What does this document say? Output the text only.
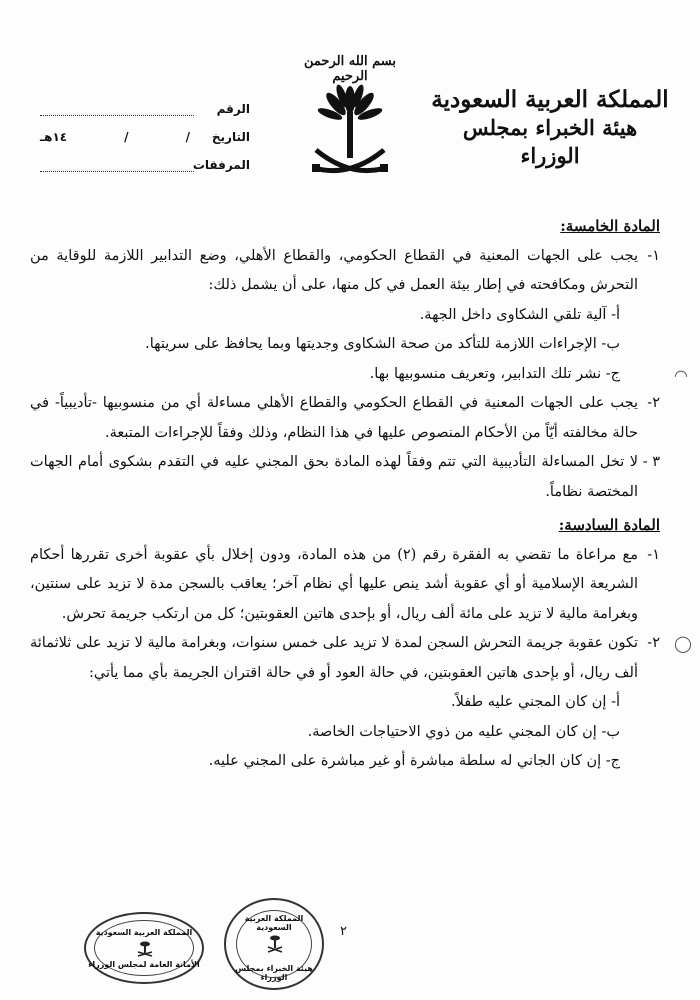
بسم الله الرحمن الرحيم
المملكة العربية السعودية
هيئة الخبراء بمجلس الوزراء
الرقم
التاريخ
/
/
١٤هـ
المرفقات
المادة الخامسة:
١-
يجب على الجهات المعنية في القطاع الحكومي، والقطاع الأهلي، وضع التدابير اللازمة للوقاية من التحرش ومكافحته في إطار بيئة العمل في كل منها، على أن يشمل ذلك:
أ- آلية تلقي الشكاوى داخل الجهة.
ب- الإجراءات اللازمة للتأكد من صحة الشكاوى وجديتها وبما يحافظ على سريتها.
ج- نشر تلك التدابير، وتعريف منسوبيها بها.
٢-
يجب على الجهات المعنية في القطاع الحكومي والقطاع الأهلي مساءلة أي من منسوبيها -تأديبياً- في حالة مخالفته أيّاً من الأحكام المنصوص عليها في هذا النظام، وذلك وفقاً للإجراءات المتبعة.
٣ -
لا تخل المساءلة التأديبية التي تتم وفقاً لهذه المادة بحق المجني عليه في التقدم بشكوى أمام الجهات المختصة نظاماً.
المادة السادسة:
١-
مع مراعاة ما تقضي به الفقرة رقم (٢) من هذه المادة، ودون إخلال بأي عقوبة أخرى تقررها أحكام الشريعة الإسلامية أو أي عقوبة أشد ينص عليها أي نظام آخر؛ يعاقب بالسجن مدة لا تزيد على سنتين، وبغرامة مالية لا تزيد على مائة ألف ريال، أو بإحدى هاتين العقوبتين؛ كل من ارتكب جريمة تحرش.
٢-
تكون عقوبة جريمة التحرش السجن لمدة لا تزيد على خمس سنوات، وبغرامة مالية لا تزيد على ثلاثمائة ألف ريال، أو بإحدى هاتين العقوبتين، في حالة العود أو في حالة اقتران الجريمة بأي مما يأتي:
أ- إن كان المجني عليه طفلاً.
ب- إن كان المجني عليه من ذوي الاحتياجات الخاصة.
ج- إن كان الجاني له سلطة مباشرة أو غير مباشرة على المجني عليه.
٢
المملكة العربية السعودية
الأمانة العامة لمجلس الوزراء
المملكة العربية السعودية
هيئة الخبراء بمجلس الوزراء
◠
◯
